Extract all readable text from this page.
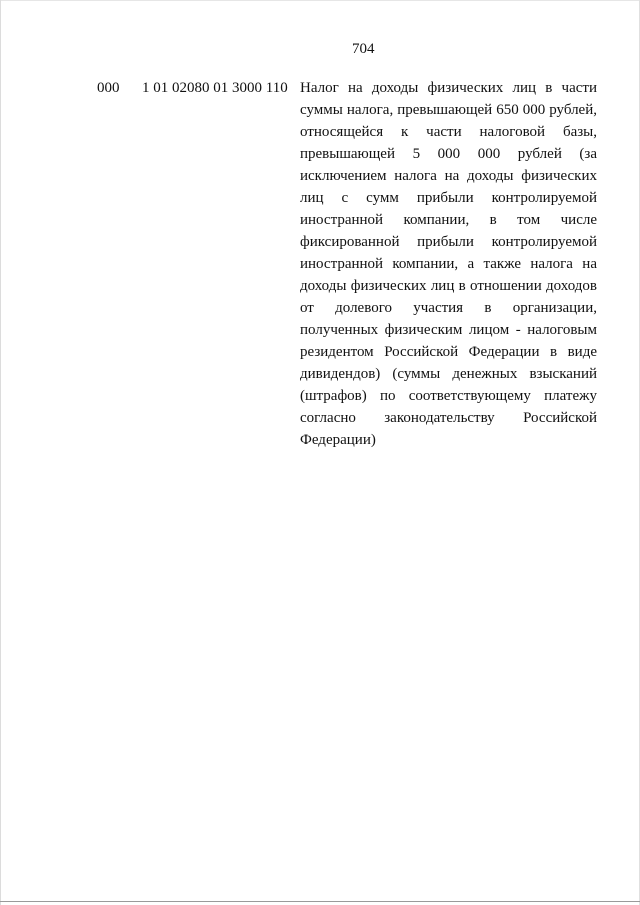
704
000 1 01 02080 01 3000 110 Налог на доходы физических лиц в части суммы налога, превышающей 650 000 рублей, относящейся к части налоговой базы, превышающей 5 000 000 рублей (за исключением налога на доходы физических лиц с сумм прибыли контролируемой иностранной компании, в том числе фиксированной прибыли контролируемой иностранной компании, а также налога на доходы физических лиц в отношении доходов от долевого участия в организации, полученных физическим лицом - налоговым резидентом Российской Федерации в виде дивидендов) (суммы денежных взысканий (штрафов) по соответствующему платежу согласно законодательству Российской Федерации)
